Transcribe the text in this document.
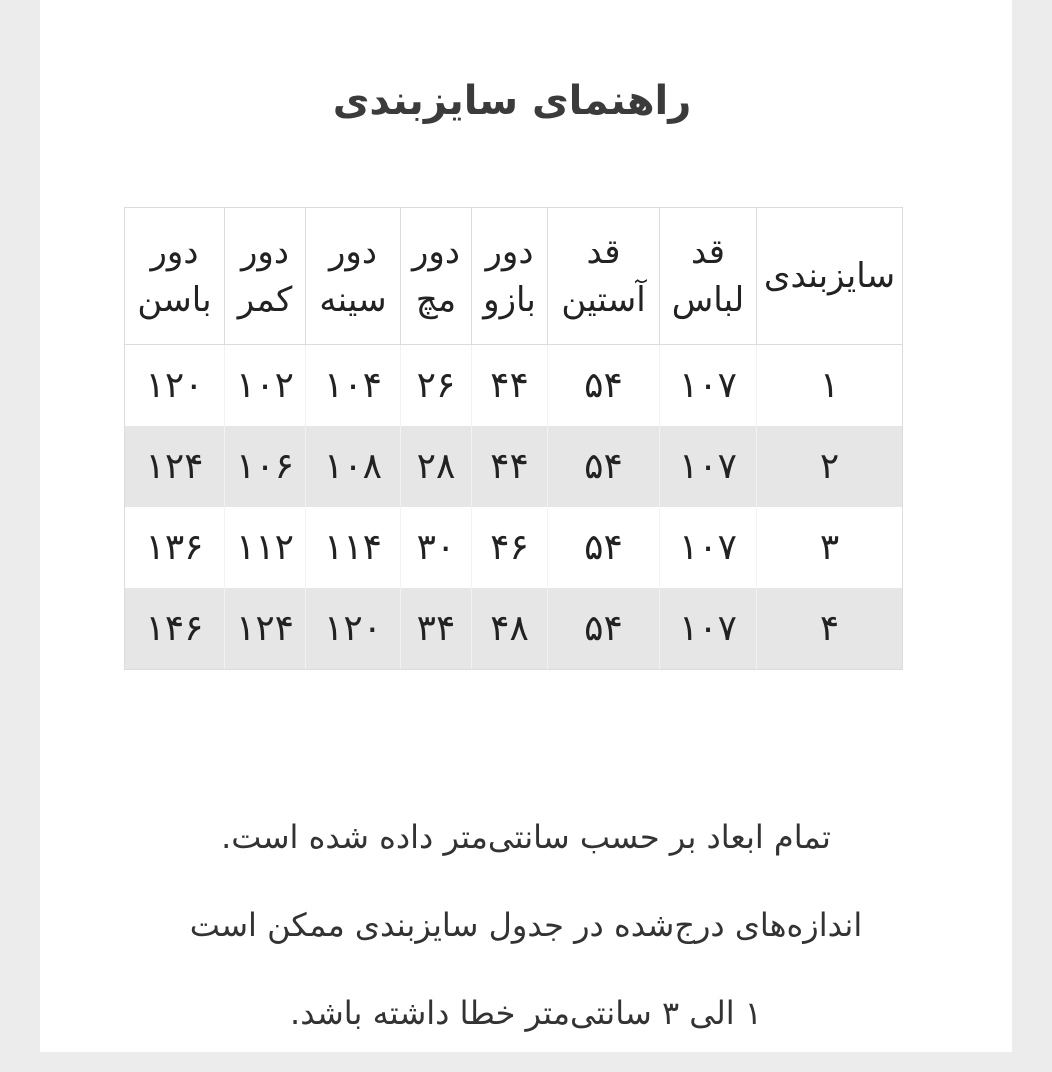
راهنمای سایزبندی
سایزبندی	قد لباس	قد آستین	دور بازو	دور مچ	دور سینه	دور کمر	دور باسن
۱	۱۰۷	۵۴	۴۴	۲۶	۱۰۴	۱۰۲	۱۲۰
۲	۱۰۷	۵۴	۴۴	۲۸	۱۰۸	۱۰۶	۱۲۴
۳	۱۰۷	۵۴	۴۶	۳۰	۱۱۴	۱۱۲	۱۳۶
۴	۱۰۷	۵۴	۴۸	۳۴	۱۲۰	۱۲۴	۱۴۶

تمام ابعاد بر حسب سانتی‌متر داده شده است.

اندازه‌های درج‌شده در جدول سایزبندی ممکن است

۱ الی ۳ سانتی‌متر خطا داشته باشد.
